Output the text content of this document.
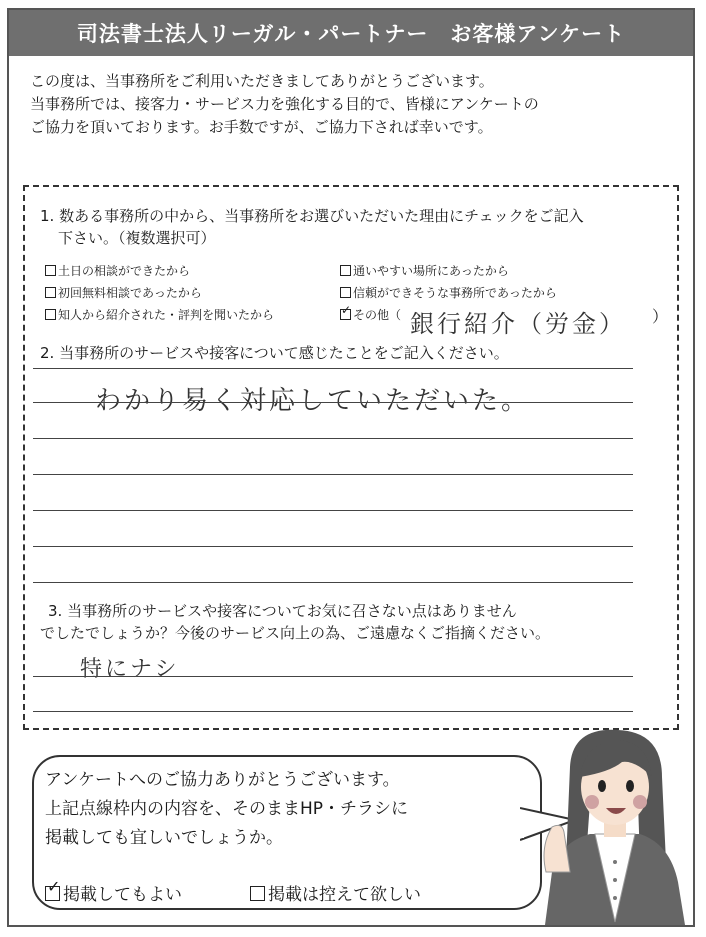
司法書士法人リーガル・パートナー　お客様アンケート
この度は、当事務所をご利用いただきましてありがとうございます。
当事務所では、接客力・サービス力を強化する目的で、皆様にアンケートの
ご協力を頂いております。お手数ですが、ご協力下されば幸いです。
1. 数ある事務所の中から、当事務所をお選びいただいた理由にチェックをご記入
下さい。（複数選択可）
土日の相談ができたから	通いやすい場所にあったから
初回無料相談であったから	信頼ができそうな事務所であったから
知人から紹介された・評判を聞いたから
✓	その他（ 銀行紹介（労金） ）
2. 当事務所のサービスや接客について感じたことをご記入ください。
わかり易く対応していただいた。
3. 当事務所のサービスや接客についてお気に召さない点はありません
でしたでしょうか？今後のサービス向上の為、ご遠慮なくご指摘ください。
特にナシ
アンケートへのご協力ありがとうございます。
上記点線枠内の内容を、そのままHP・チラシに
掲載しても宜しいでしょうか。
✓掲載してもよい	掲載は控えて欲しい
